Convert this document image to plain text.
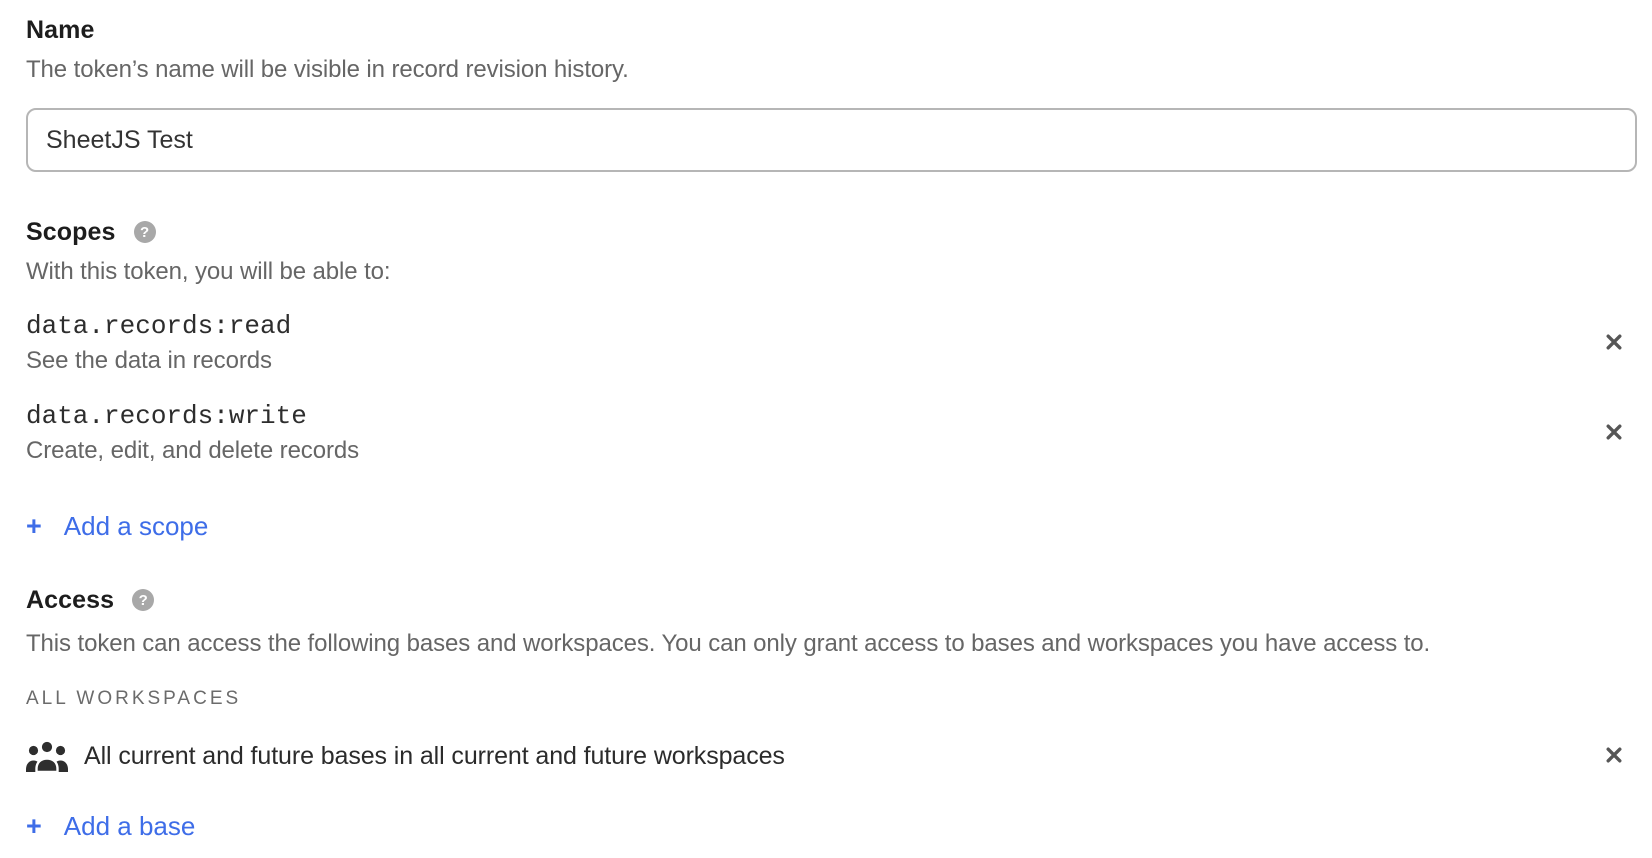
Name
The token’s name will be visible in record revision history.
SheetJS Test
Scopes	?
With this token, you will be able to:
data.records:read
See the data in records
data.records:write
Create, edit, and delete records
+ Add a scope
Access	?
This token can access the following bases and workspaces. You can only grant access to bases and workspaces you have access to.
ALL WORKSPACES
All current and future bases in all current and future workspaces
+ Add a base
